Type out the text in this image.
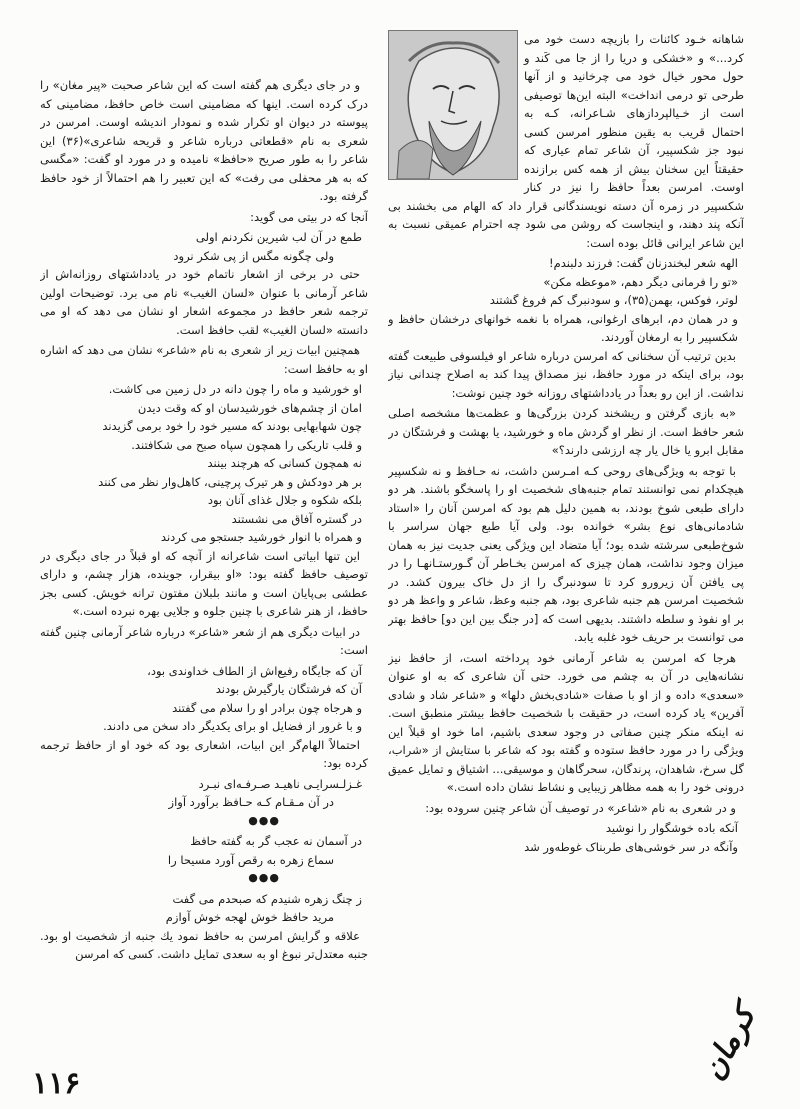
شاهانه خـود کائنات را بازیچه دست خود می کرد...» و «خشکی و دریا را از جا می کَند و حول محور خیال خود می چرخانید و از آنها طرحی تو درمی انداخت» البته این‌ها توصیفی است از خـیالپردازهای شـاعرانه، کـه به احتمال قریب به یقین منظور امرسن کسی نبود جز شکسپیر، آن شاعر تمام عیاری که حقیقتاً این سخنان بیش از همه کس برازنده اوست. امرسن بعداً حافظ را نیز در کنار شکسپیر در زمره آن دسته نویسندگانی قرار داد که الهام می بخشند بی آنکه پند دهند، و اینجاست که روشن می شود چه احترام عمیقی نسبت به این شاعر ایرانی قائل بوده است:

الهه شعر لبخندزنان گفت: فرزند دلبندم!

«تو را فرمانی دیگر دهم، «موعظه مکن»

لوتر، فوکس، بهمن(۳۵)، و سودنبرگ کم فروغ گشتند

و در همان دم، ابرهای ارغوانی، همراه با نغمه خوانهای درخشان حافظ و شکسپیر را به ارمغان آوردند.

بدین ترتیب آن سخنانی که امرسن درباره شاعر او فیلسوفی طبیعت گفته بود، برای اینکه در مورد حافظ، نیز مصداق پیدا کند به اصلاح چندانی نیاز نداشت. از این رو بعداً در یادداشتهای روزانه خود چنین نوشت:

«به بازی گرفتن و ریشخند کردن بزرگی‌ها و عظمت‌ها مشخصه اصلی شعر حافظ است. از نظر او گردش ماه و خورشید، یا بهشت و فرشتگان در مقابل ابرو یا خال یار چه ارزشی دارند؟»

با توجه به ویژگی‌های روحی کـه امـرسن داشت، نه حـافظ و نه شکسپیر هیچکدام نمی توانستند تمام جنبه‌های شخصیت او را پاسخگو باشند. هر دو دارای طبعی شوخ بودند، به همین دلیل هم بود که امرسن آنان را «استاد شادمانی‌های نوع بشر» خوانده بود. ولی آیا طبع جهان سراسر با شوخ‌طبعی سرشته شده بود؛ آیا متضاد این ویژگی یعنی جدیت نیز به همان میزان وجود نداشت، همان چیزی که امرسن بخـاطر آن گـورستـانهـا را در پی یافتن آن زیرورو کرد تا سودنبرگ را از دل خاک بیرون کشد. در شخصیت امرسن هم جنبه شاعری بود، هم جنبه وعظ، شاعر و واعظ هر دو بر او نفوذ و سلطه داشتند. بدیهی است که [در جنگ بین این دو] حافظ بهتر می توانست بر حریف خود غلبه یابد.

هرجا که امرسن به شاعر آرمانی خود پرداخته است، از حافظ نیز نشانه‌هایی در آن به چشم می خورد. حتی آن شاعری که به او عنوان «سعدی» داده و از او با صفات «شادی‌بخش دلها» و «شاعر شاد و شادی آفرین» یاد کرده است، در حقیقت با شخصیت حافظ بیشتر منطبق است. نه اینکه منکر چنین صفاتی در وجود سعدی باشیم، اما خود او قبلاً این ویژگی را در مورد حافظ ستوده و گفته بود که شاعر با ستایش از «شراب، گل سرخ، شاهدان، پرندگان، سحرگاهان و موسیقی... اشتیاق و تمایل عمیق درونی خود را به همه مظاهر زیبایی و نشاط نشان داده است.»

و در شعری به نام «شاعر» در توصیف آن شاعر چنین سروده بود:

آنکه باده خوشگوار را نوشید

وآنگه در سر خوشی‌های طربناک غوطه‌ور شد

و در جای دیگری هم گفته است که این شاعر صحبت «پیر مغان» را درک کرده است. اینها که مضامینی است خاص حافظ، مضامینی که پیوسته در دیوان او تکرار شده و نمودار اندیشه اوست. امرسن در شعری به نام «قطعاتی درباره شاعر و قریحه شاعری»(۳۶) این شاعر را به طور صریح «حافظ» نامیده و در مورد او گفت: «مگسی که به هر محفلی می رفت» که این تعبیر را هم احتمالاً از خود حافظ گرفته بود.

آنجا که در بیتی می گوید:

طمع در آن لب شیرین نکردنم اولی

ولی چگونه مگس از پی شکر نرود

حتی در برخی از اشعار ناتمام خود در یادداشتهای روزانه‌اش از شاعر آرمانی با عنوان «لسان الغیب» نام می برد. توضیحات اولین ترجمه شعر حافظ در مجموعه اشعار او نشان می دهد که او می دانسته «لسان الغیب» لقب حافظ است.

همچنین ابیات زیر از شعری به نام «شاعر» نشان می دهد که اشاره او به حافظ است:

او خورشید و ماه را چون دانه در دل زمین می کاشت.

امان از چشم‌های خورشیدسان او که وقت دیدن

چون شهابهایی بودند که مسیر خود را خود برمی گزیدند

و قلب تاریکی را همچون سپاه صبح می شکافتند.

نه همچون کسانی که هرچند بینند

بر هر دودکش و هر تیرک پرچینی، کاهل‌وار نظر می کنند

بلکه شکوه و جلال غذای آنان بود

در گستره آفاق می نشستند

و همراه با انوار خورشید جستجو می کردند

این تنها ابیاتی است شاعرانه از آنچه که او قبلاً در جای دیگری در توصیف حافظ گفته بود: «او بیقرار، جوینده، هزار چشم، و دارای عطشی بی‌پایان است و مانند بلبلان مفتون ترانه خویش. کسی بجز حافظ، از هنر شاعری با چنین جلوه و جلایی بهره نبرده است.»

در ابیات دیگری هم از شعر «شاعر» درباره شاعر آرمانی چنین گفته است:

آن که جایگاه رفیع‌اش از الطاف خداوندی بود،

آن که فرشتگان یارگیرش بودند

و هرجاه چون برادر او را سلام می گفتند

و با غرور از فضایل او برای یکدیگر داد سخن می دادند.

احتمالاً الهام‌گر این ابیات، اشعاری بود که خود او از حافظ ترجمه کرده بود:

غـزلـسرایـی ناهیـد صـرفـه‌ای نبـرد

در آن مـقـام کـه حـافظ برآورد آواز

●●●

در آسمان نه عجب گر به گفته حافظ

سماع زهره به رقص آورد مسیحا را

●●●

ز چنگ زهره شنیدم که صبحدم می گفت

مرید حافظ خوش لهجه خوش آوازم

علاقه و گرایش امرسن به حافظ نمود یك جنبه از شخصیت او بود. جنبه معتدل‌تر نبوغ او به سعدی تمایل داشت. کسی که امرسن

کرمان
۱۱۶
